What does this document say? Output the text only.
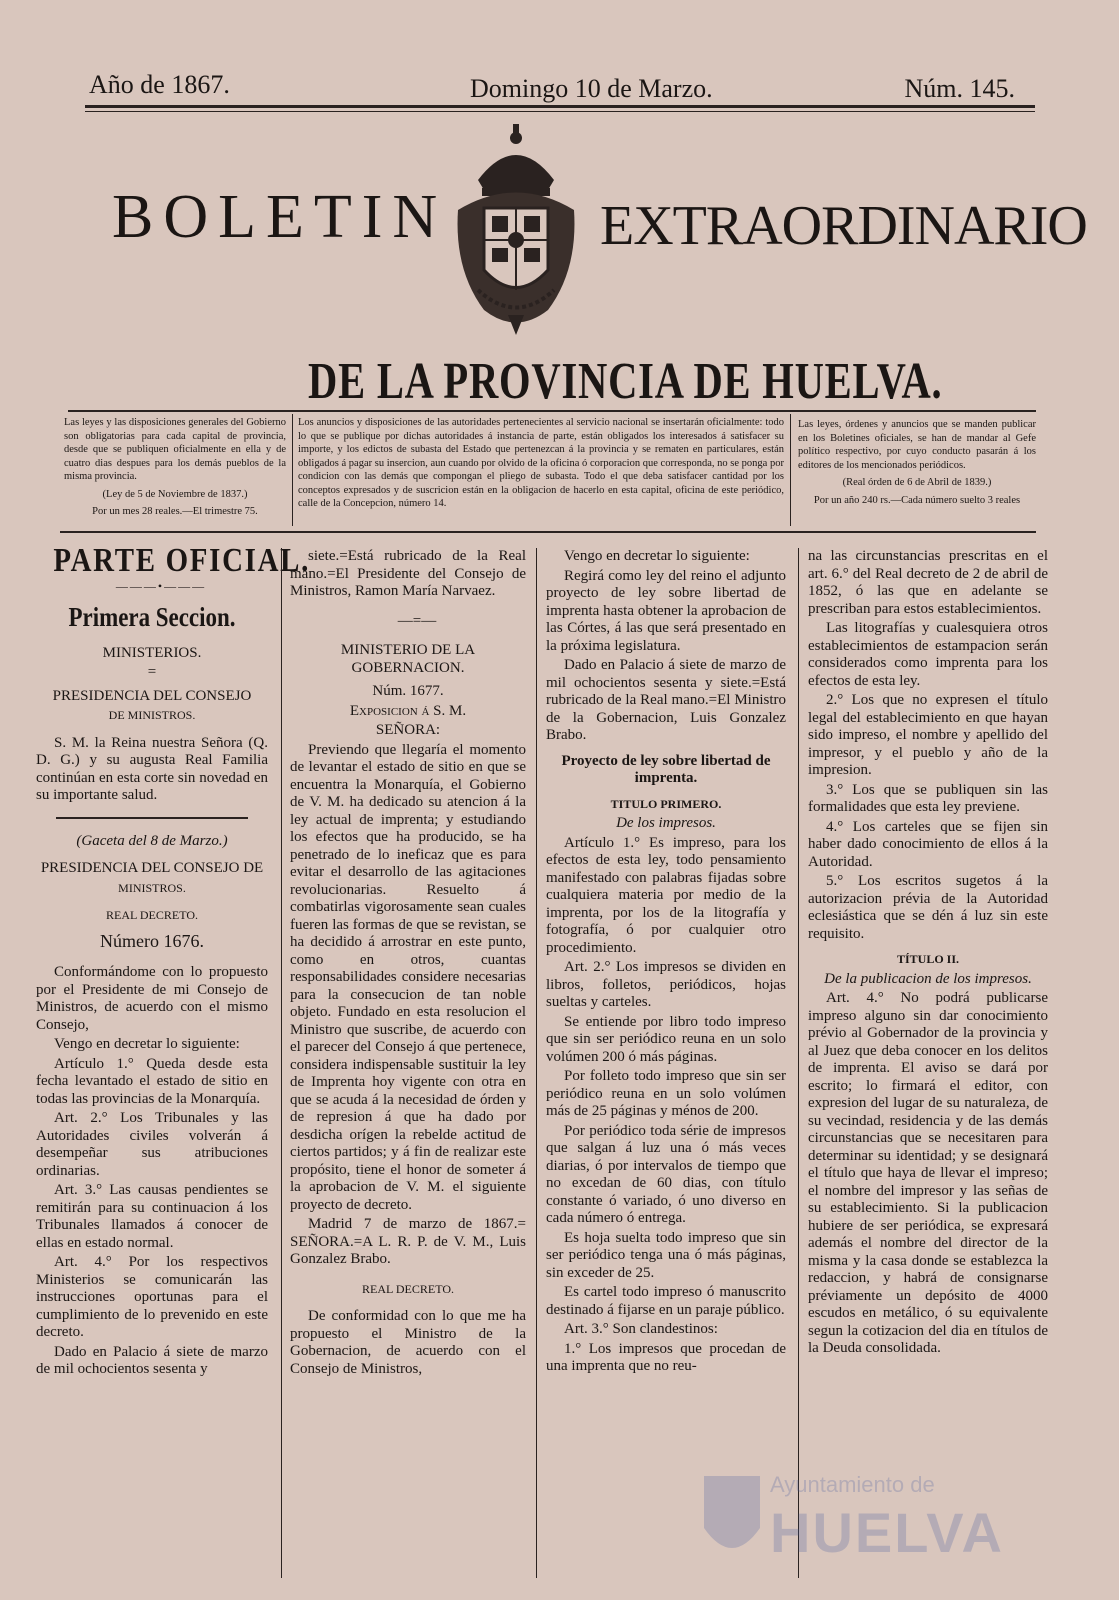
Año de 1867.	Domingo 10 de Marzo.	Núm. 145.
BOLETIN	EXTRAORDINARIO
DE LA PROVINCIA DE HUELVA.

Las leyes y las disposiciones generales del Gobierno son obligatorias para cada capital de provincia, desde que se publiquen oficialmente en ella y de cuatro dias despues para los demás pueblos de la misma provincia.

(Ley de 5 de Noviembre de 1837.)

Por un mes 28 reales.—El trimestre 75.

Los anuncios y disposiciones de las autoridades pertenecientes al servicio nacional se insertarán oficialmente: todo lo que se publique por dichas autoridades á instancia de parte, están obligados los interesados á satisfacer su importe, y los edictos de subasta del Estado que pertenezcan á la provincia y se rematen en particulares, están obligados á pagar su insercion, aun cuando por olvido de la oficina ó corporacion que corresponda, no se ponga por condicion con las demás que compongan el pliego de subasta. Todo el que deba satisfacer cantidad por los conceptos expresados y de suscricion están en la obligacion de hacerlo en esta capital, oficina de este periódico, calle de la Concepcion, número 14.

Las leyes, órdenes y anuncios que se manden publicar en los Boletines oficiales, se han de mandar al Gefe político respectivo, por cuyo conducto pasarán á los editores de los mencionados periódicos.

(Real órden de 6 de Abril de 1839.)

Por un año 240 rs.—Cada número suelto 3 reales

PARTE OFICIAL.

———•———

Primera Seccion.

MINISTERIOS.

=

PRESIDENCIA DEL CONSEJO

DE MINISTROS.

S. M. la Reina nuestra Señora (Q. D. G.) y su augusta Real Familia continúan en esta corte sin novedad en su importante salud.

(Gaceta del 8 de Marzo.)

PRESIDENCIA DEL CONSEJO DE

MINISTROS.

REAL DECRETO.

Número 1676.

Conformándome con lo propuesto por el Presidente de mi Consejo de Ministros, de acuerdo con el mismo Consejo,

Vengo en decretar lo siguiente:

Artículo 1.° Queda desde esta fecha levantado el estado de sitio en todas las provincias de la Monarquía.

Art. 2.° Los Tribunales y las Autoridades civiles volverán á desempeñar sus atribuciones ordinarias.

Art. 3.° Las causas pendientes se remitirán para su continuacion á los Tribunales llamados á conocer de ellas en estado normal.

Art. 4.° Por los respectivos Ministerios se comunicarán las instrucciones oportunas para el cumplimiento de lo prevenido en este decreto.

Dado en Palacio á siete de marzo de mil ochocientos sesenta y

siete.=Está rubricado de la Real mano.=El Presidente del Consejo de Ministros, Ramon María Narvaez.

—=—

MINISTERIO DE LA GOBERNACION.

Núm. 1677.

Exposicion á S. M.

SEÑORA:

Previendo que llegaría el momento de levantar el estado de sitio en que se encuentra la Monarquía, el Gobierno de V. M. ha dedicado su atencion á la ley actual de imprenta; y estudiando los efectos que ha producido, se ha penetrado de lo ineficaz que es para evitar el desarrollo de las agitaciones revolucionarias. Resuelto á combatirlas vigorosamente sean cuales fueren las formas de que se revistan, se ha decidido á arrostrar en este punto, como en otros, cuantas responsabilidades considere necesarias para la consecucion de tan noble objeto. Fundado en esta resolucion el Ministro que suscribe, de acuerdo con el parecer del Consejo á que pertenece, considera indispensable sustituir la ley de Imprenta hoy vigente con otra en que se acuda á la necesidad de órden y de represion á que ha dado por desdicha orígen la rebelde actitud de ciertos partidos; y á fin de realizar este propósito, tiene el honor de someter á la aprobacion de V. M. el siguiente proyecto de decreto.

Madrid 7 de marzo de 1867.= SEÑORA.=A L. R. P. de V. M., Luis Gonzalez Brabo.

REAL DECRETO.

De conformidad con lo que me ha propuesto el Ministro de la Gobernacion, de acuerdo con el Consejo de Ministros,

Vengo en decretar lo siguiente:

Regirá como ley del reino el adjunto proyecto de ley sobre libertad de imprenta hasta obtener la aprobacion de las Córtes, á las que será presentado en la próxima legislatura.

Dado en Palacio á siete de marzo de mil ochocientos sesenta y siete.=Está rubricado de la Real mano.=El Ministro de la Gobernacion, Luis Gonzalez Brabo.

Proyecto de ley sobre libertad de imprenta.

TITULO PRIMERO.

De los impresos.

Artículo 1.° Es impreso, para los efectos de esta ley, todo pensamiento manifestado con palabras fijadas sobre cualquiera materia por medio de la imprenta, por los de la litografía y fotografía, ó por cualquier otro procedimiento.

Art. 2.° Los impresos se dividen en libros, folletos, periódicos, hojas sueltas y carteles.

Se entiende por libro todo impreso que sin ser periódico reuna en un solo volúmen 200 ó más páginas.

Por folleto todo impreso que sin ser periódico reuna en un solo volúmen más de 25 páginas y ménos de 200.

Por periódico toda série de impresos que salgan á luz una ó más veces diarias, ó por intervalos de tiempo que no excedan de 60 dias, con título constante ó variado, ó uno diverso en cada número ó entrega.

Es hoja suelta todo impreso que sin ser periódico tenga una ó más páginas, sin exceder de 25.

Es cartel todo impreso ó manuscrito destinado á fijarse en un paraje público.

Art. 3.° Son clandestinos:

1.° Los impresos que procedan de una imprenta que no reu-

na las circunstancias prescritas en el art. 6.° del Real decreto de 2 de abril de 1852, ó las que en adelante se prescriban para estos establecimientos.

Las litografías y cualesquiera otros establecimientos de estampacion serán considerados como imprenta para los efectos de esta ley.

2.° Los que no expresen el título legal del establecimiento en que hayan sido impreso, el nombre y apellido del impresor, y el pueblo y año de la impresion.

3.° Los que se publiquen sin las formalidades que esta ley previene.

4.° Los carteles que se fijen sin haber dado conocimiento de ellos á la Autoridad.

5.° Los escritos sugetos á la autorizacion prévia de la Autoridad eclesiástica que se dén á luz sin este requisito.

TÍTULO II.

De la publicacion de los impresos.

Art. 4.° No podrá publicarse impreso alguno sin dar conocimiento prévio al Gobernador de la provincia y al Juez que deba conocer en los delitos de imprenta. El aviso se dará por escrito; lo firmará el editor, con expresion del lugar de su naturaleza, de su vecindad, residencia y de las demás circunstancias que se necesitaren para determinar su identidad; y se designará el título que haya de llevar el impreso; el nombre del impresor y las señas de su establecimiento. Si la publicacion hubiere de ser periódica, se expresará además el nombre del director de la misma y la casa donde se establezca la redaccion, y habrá de consignarse préviamente un depósito de 4000 escudos en metálico, ó su equivalente segun la cotizacion del dia en títulos de la Deuda consolidada.

Ayuntamiento de
HUELVA
